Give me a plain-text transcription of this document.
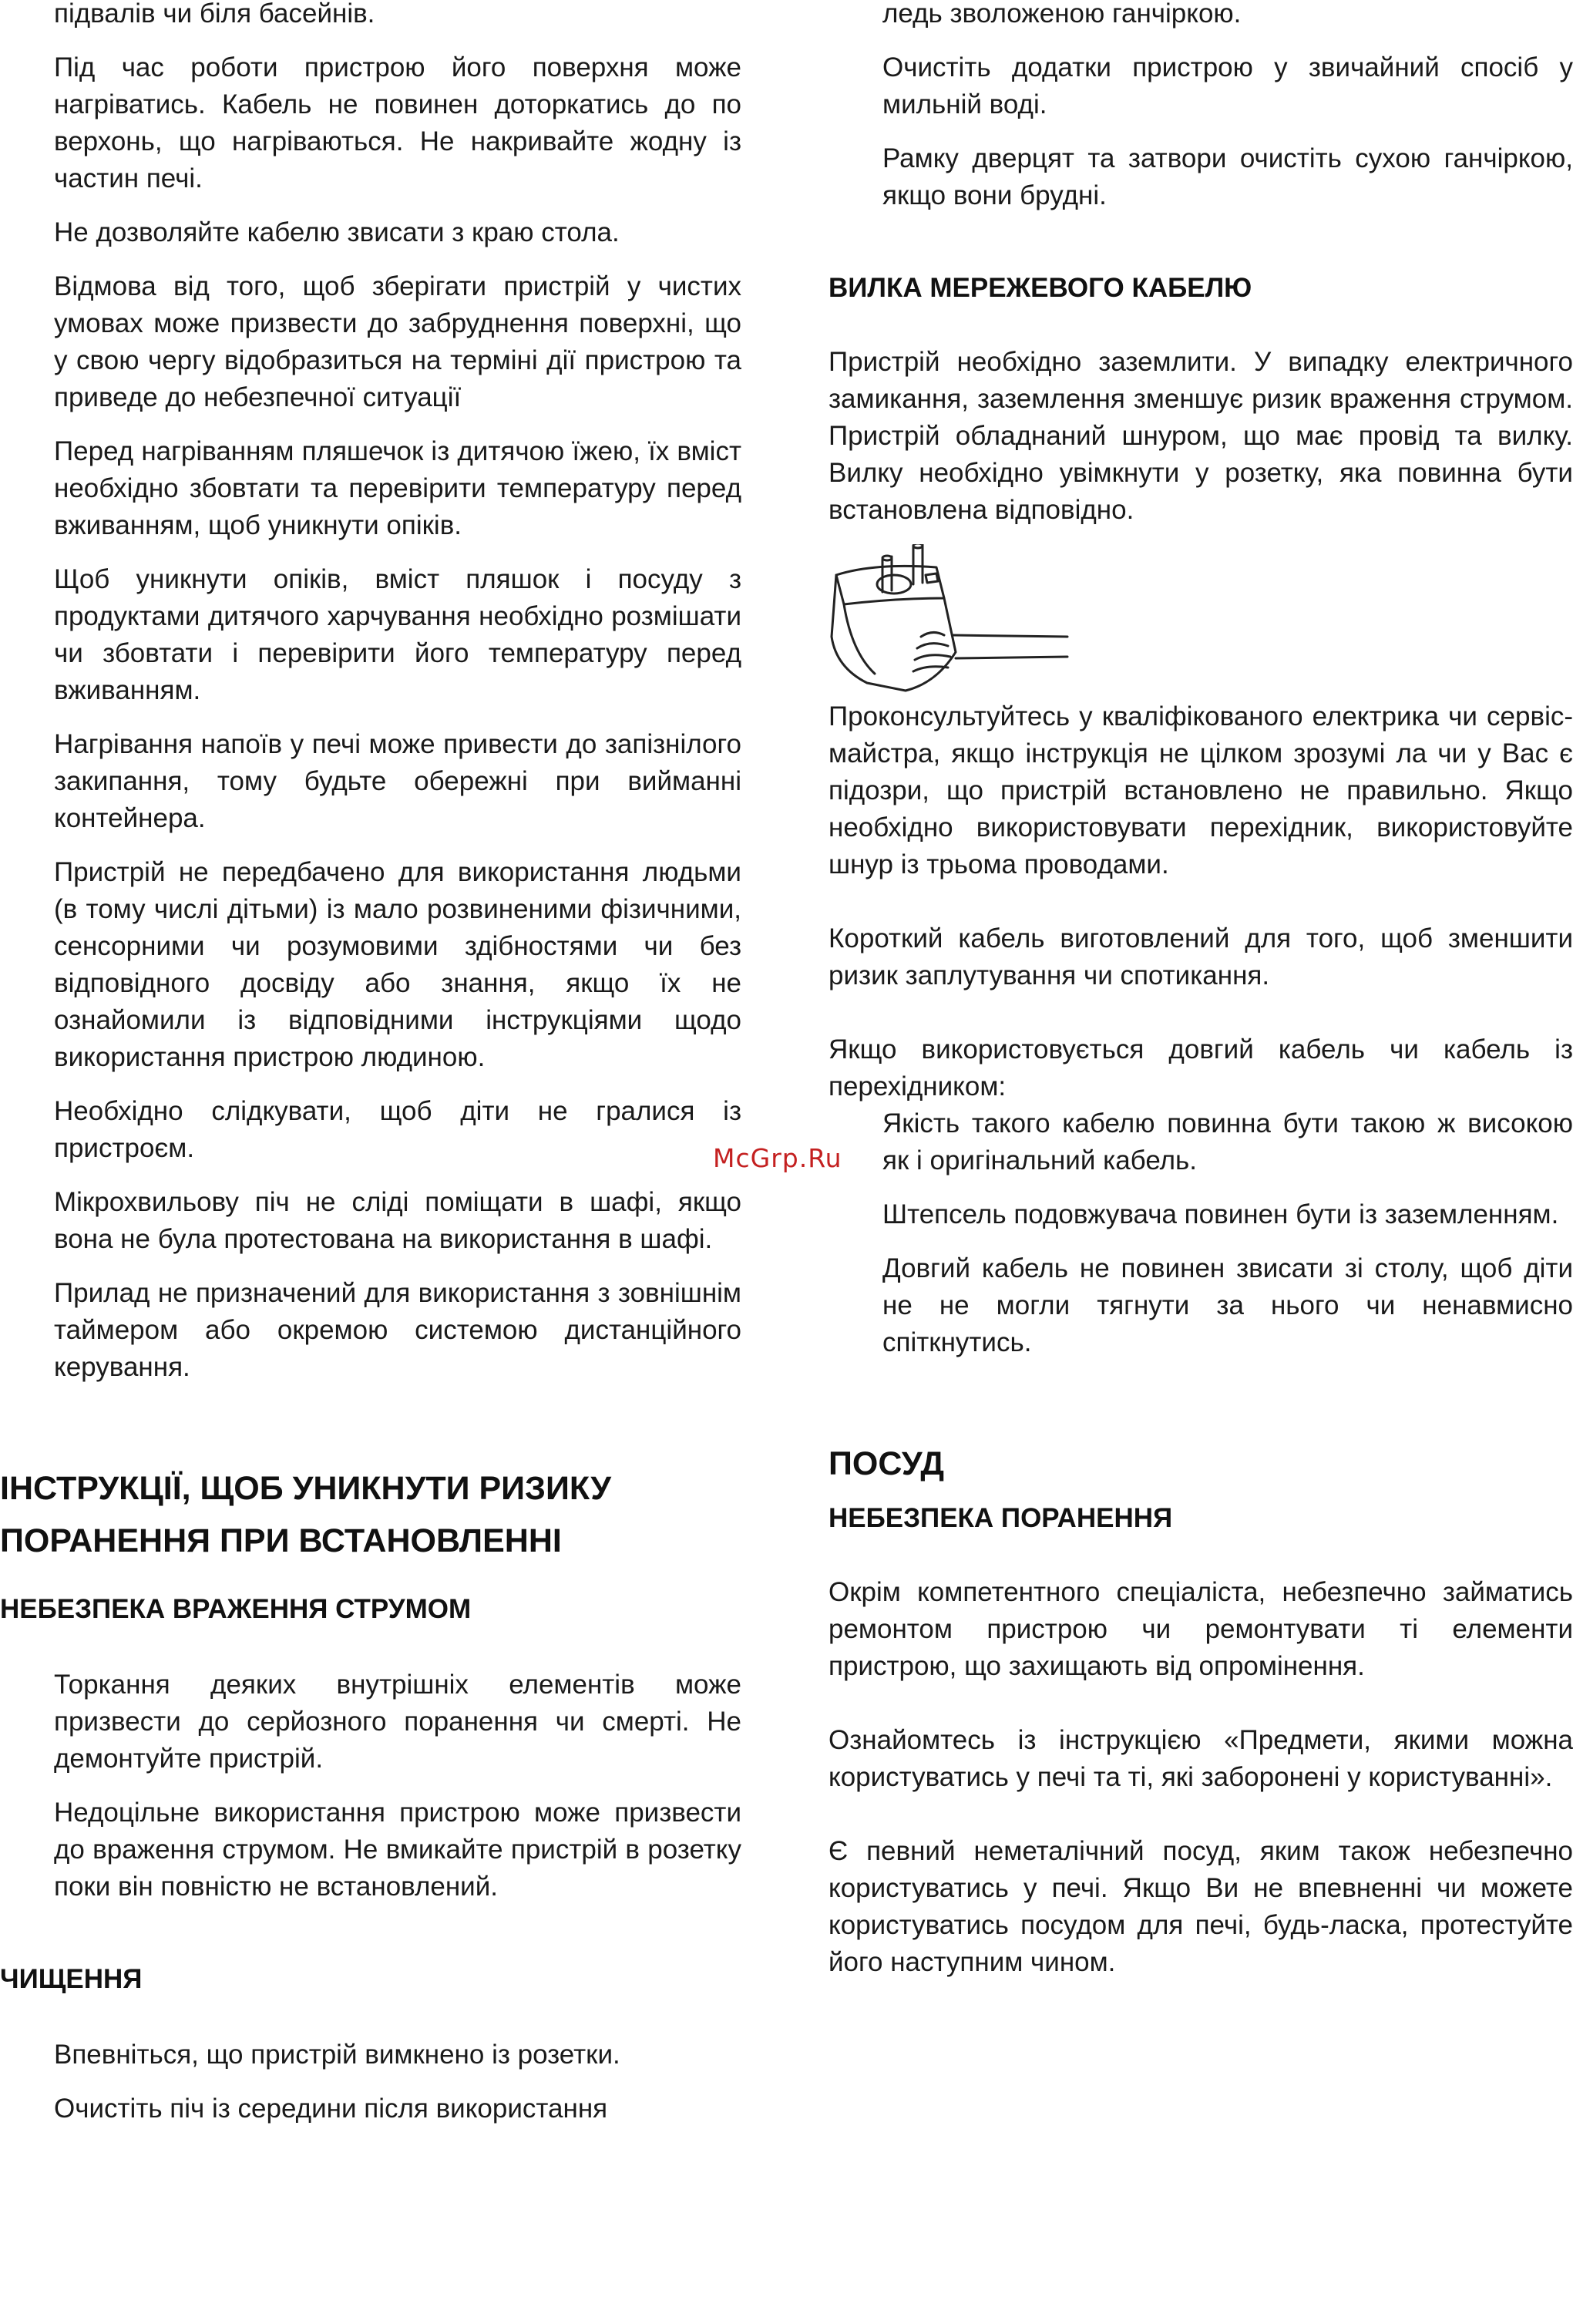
підвалів чи біля басейнів.

Під час роботи пристрою його поверхня може нагріватись. Кабель не повинен доторкатись до по верхонь, що нагріваються. Не накривайте жодну із частин печі.

Не дозволяйте кабелю звисати з краю стола.

Відмова від того, щоб зберігати пристрій у чистих умовах може призвести до забруднення поверхні, що у свою чергу відобразиться на терміні дії пристрою та приведе до небезпечної ситуації

Перед нагріванням пляшечок із дитячою їжею, їх вміст необхідно збовтати та перевірити температуру перед вживанням, щоб уникнути опіків.

Щоб уникнути опіків, вміст пляшок і посуду з продуктами дитячого харчування необхідно розмішати чи збовтати і перевірити його температуру перед вживанням.

Нагрівання напоїв у печі може привести до запізнілого закипання, тому будьте обережні при вийманні контейнера.

Пристрій не передбачено для використання людьми (в тому числі дітьми) із мало розвиненими фізичними, сенсорними чи розумовими здібностями чи без відповідного досвіду або знання, якщо їх не ознайомили із відповідними інструкціями щодо використання пристрою людиною.

Необхідно слідкувати, щоб діти не гралися із пристроєм.

Мікрохвильову піч не сліді поміщати в шафі, якщо вона не була протестована на використання в шафі.

Прилад не призначений для використання з зовнішнім таймером або окремою системою дистанційного керування.

ІНСТРУКЦІЇ, ЩОБ УНИКНУТИ РИЗИКУ

ПОРАНЕННЯ ПРИ ВСТАНОВЛЕННІ

НЕБЕЗПЕКА ВРАЖЕННЯ СТРУМОМ

Торкання деяких внутрішніх елементів може призвести до серйозного поранення чи смерті. Не демонтуйте пристрій.

Недоцільне використання пристрою може призвести до враження струмом. Не вмикайте пристрій в розетку поки він повністю не встановлений.

ЧИЩЕННЯ

Впевніться, що пристрій вимкнено із розетки.

Очистіть піч із середини після використання

ледь зволоженою ганчіркою.

Очистіть додатки пристрою у звичайний спосіб у мильній воді.

Рамку дверцят та затвори очистіть сухою ганчіркою, якщо вони брудні.

ВИЛКА МЕРЕЖЕВОГО КАБЕЛЮ

Пристрій необхідно заземлити. У випадку електричного замикання, заземлення зменшує ризик враження струмом. Пристрій обладнаний шнуром, що має провід та вилку. Вилку необхідно увімкнути у розетку, яка повинна бути встановлена відповідно.

Проконсультуйтесь у кваліфікованого електрика чи сервіс-майстра, якщо інструкція не цілком зрозумі ла чи у Вас є підозри, що пристрій встановлено не правильно. Якщо необхідно використовувати перехідник, використовуйте шнур із трьома проводами.

Короткий кабель виготовлений для того, щоб зменшити ризик заплутування чи спотикання.

Якщо використовується довгий кабель чи кабель із перехідником:

Якість такого кабелю повинна бути такою ж високою як і оригінальний кабель.

Штепсель подовжувача повинен бути із заземленням.

Довгий кабель не повинен звисати зі столу, щоб діти не не могли тягнути за нього чи ненавмисно спіткнутись.

ПОСУД

НЕБЕЗПЕКА ПОРАНЕННЯ

Окрім компетентного спеціаліста, небезпечно займатись ремонтом пристрою чи ремонтувати ті елементи пристрою, що захищають від опромінення.

Ознайомтесь із інструкцією «Предмети, якими можна користуватись у печі та ті, які заборонені у користуванні».

Є певний неметалічний посуд, яким також небезпечно користуватись у печі. Якщо Ви не впевненні чи можете користуватись посудом для печі, будь-ласка, протестуйте його наступним чином.

McGrp.Ru
